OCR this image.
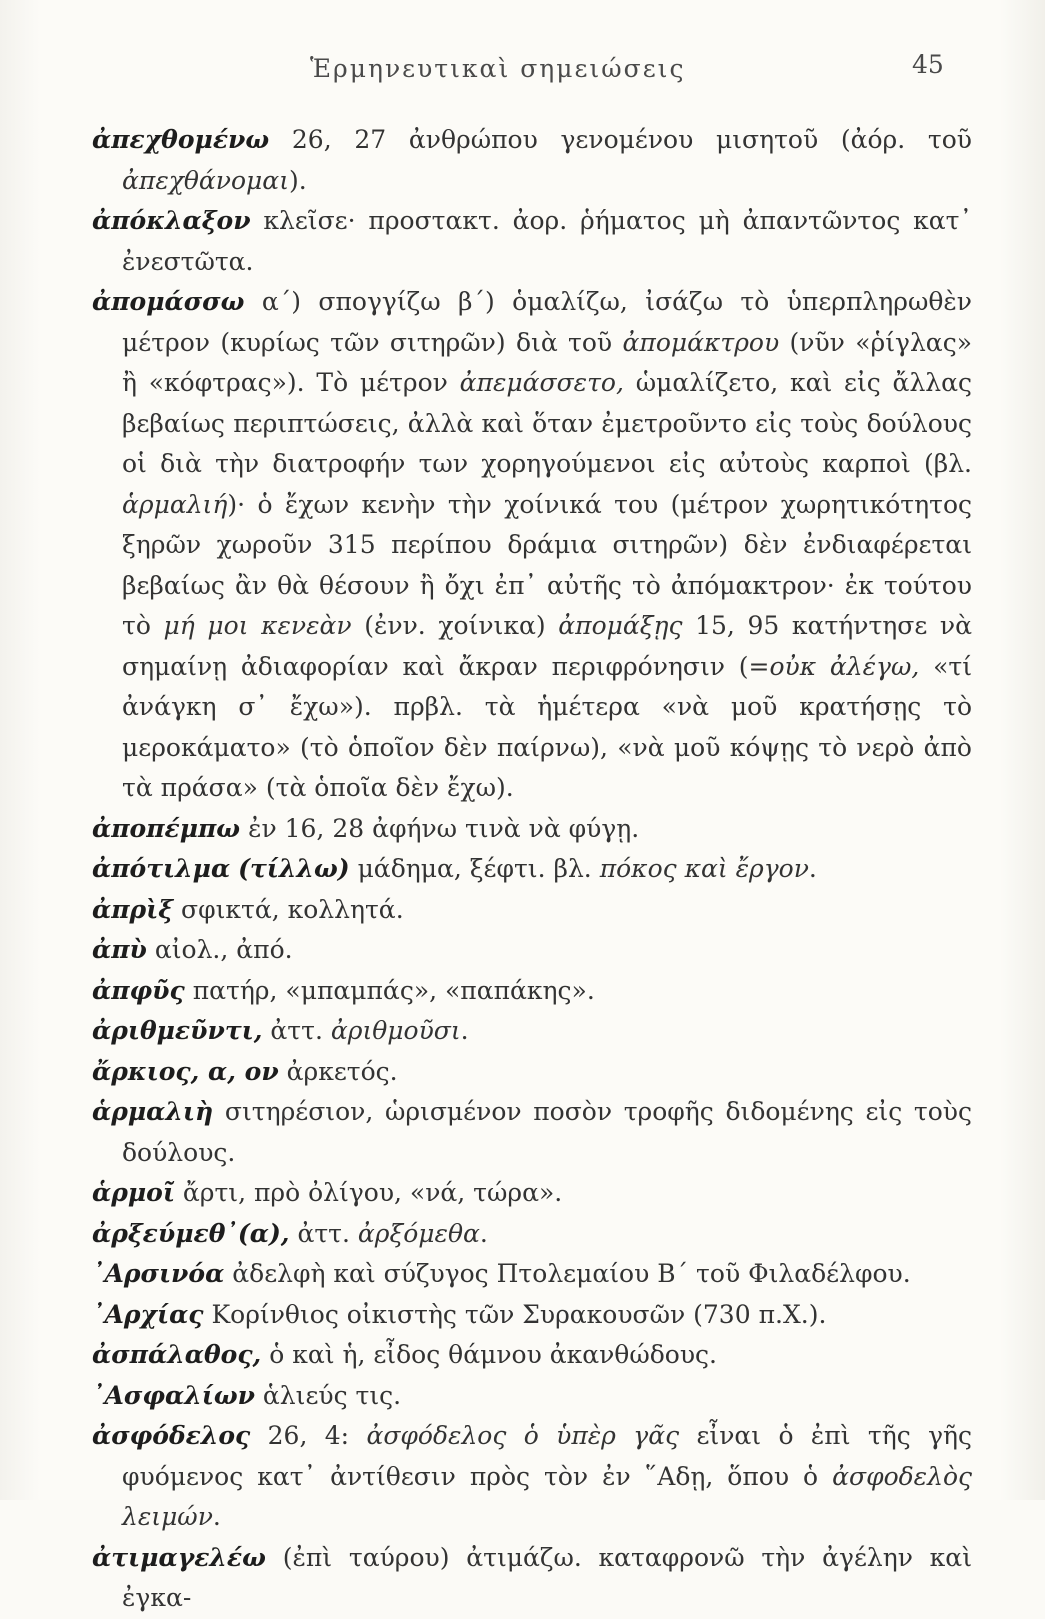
Ἑρμηνευτικαὶ σημειώσεις	45

ἀπεχθομένω 26, 27 ἀνθρώπου γενομένου μισητοῦ (ἀόρ. τοῦ ἀπεχθάνομαι).

ἀπόκλαξον κλεῖσε· προστακτ. ἀορ. ῥήματος μὴ ἀπαντῶντος κατ᾽ ἐνεστῶτα.

ἀπομάσσω α΄) σπογγίζω β΄) ὁμαλίζω, ἰσάζω τὸ ὑπερπληρωθὲν μέτρον (κυρίως τῶν σιτηρῶν) διὰ τοῦ ἀπομάκτρου (νῦν «ῥίγλας» ἢ «κόφτρας»). Τὸ μέτρον ἀπεμάσσετο, ὡμαλίζετο, καὶ εἰς ἄλλας βεβαίως περιπτώσεις, ἀλλὰ καὶ ὅταν ἐμετροῦντο εἰς τοὺς δούλους οἱ διὰ τὴν διατροφήν των χορηγούμενοι εἰς αὐτοὺς καρποὶ (βλ. ἁρμαλιή)· ὁ ἔχων κενὴν τὴν χοίνικά του (μέτρον χωρητικότητος ξηρῶν χωροῦν 315 περίπου δράμια σιτηρῶν) δὲν ἐνδιαφέρεται βεβαίως ἂν θὰ θέσουν ἢ ὄχι ἐπ᾽ αὐτῆς τὸ ἀπόμακτρον· ἐκ τούτου τὸ μή μοι κενεὰν (ἐνν. χοίνικα) ἀπομάξῃς 15, 95 κατήντησε νὰ σημαίνῃ ἀδιαφορίαν καὶ ἄκραν περιφρόνησιν (=οὐκ ἀλέγω, «τί ἀνάγκη σ᾽ ἔχω»). πρβλ. τὰ ἡμέτερα «νὰ μοῦ κρατήσῃς τὸ μεροκάματο» (τὸ ὁποῖον δὲν παίρνω), «νὰ μοῦ κόψῃς τὸ νερὸ ἀπὸ τὰ πράσα» (τὰ ὁποῖα δὲν ἔχω).

ἀποπέμπω ἐν 16, 28 ἀφήνω τινὰ νὰ φύγῃ.

ἀπότιλμα (τίλλω) μάδημα, ξέφτι. βλ. πόκος καὶ ἔργον.

ἀπρὶξ σφικτά, κολλητά.

ἀπὺ αἰολ., ἀπό.

ἀπφῦς πατήρ, «μπαμπάς», «παπάκης».

ἀριθμεῦντι, ἀττ. ἀριθμοῦσι.

ἄρκιος, α, ον ἀρκετός.

ἁρμαλιὴ σιτηρέσιον, ὡρισμένον ποσὸν τροφῆς διδομένης εἰς τοὺς δούλους.

ἁρμοῖ ἄρτι, πρὸ ὀλίγου, «νά, τώρα».

ἀρξεύμεθ᾽(α), ἀττ. ἀρξόμεθα.

᾽Αρσινόα ἀδελφὴ καὶ σύζυγος Πτολεμαίου Β΄ τοῦ Φιλαδέλφου.

᾽Αρχίας Κορίνθιος οἰκιστὴς τῶν Συρακουσῶν (730 π.Χ.).

ἀσπάλαθος, ὁ καὶ ἡ, εἶδος θάμνου ἀκανθώδους.

᾽Ασφαλίων ἁλιεύς τις.

ἀσφόδελος 26, 4: ἀσφόδελος ὁ ὑπὲρ γᾶς εἶναι ὁ ἐπὶ τῆς γῆς φυόμενος κατ᾽ ἀντίθεσιν πρὸς τὸν ἐν ῞Αδῃ, ὅπου ὁ ἀσφοδελὸς λειμών.

ἀτιμαγελέω (ἐπὶ ταύρου) ἀτιμάζω. καταφρονῶ τὴν ἀγέλην καὶ ἐγκα-
